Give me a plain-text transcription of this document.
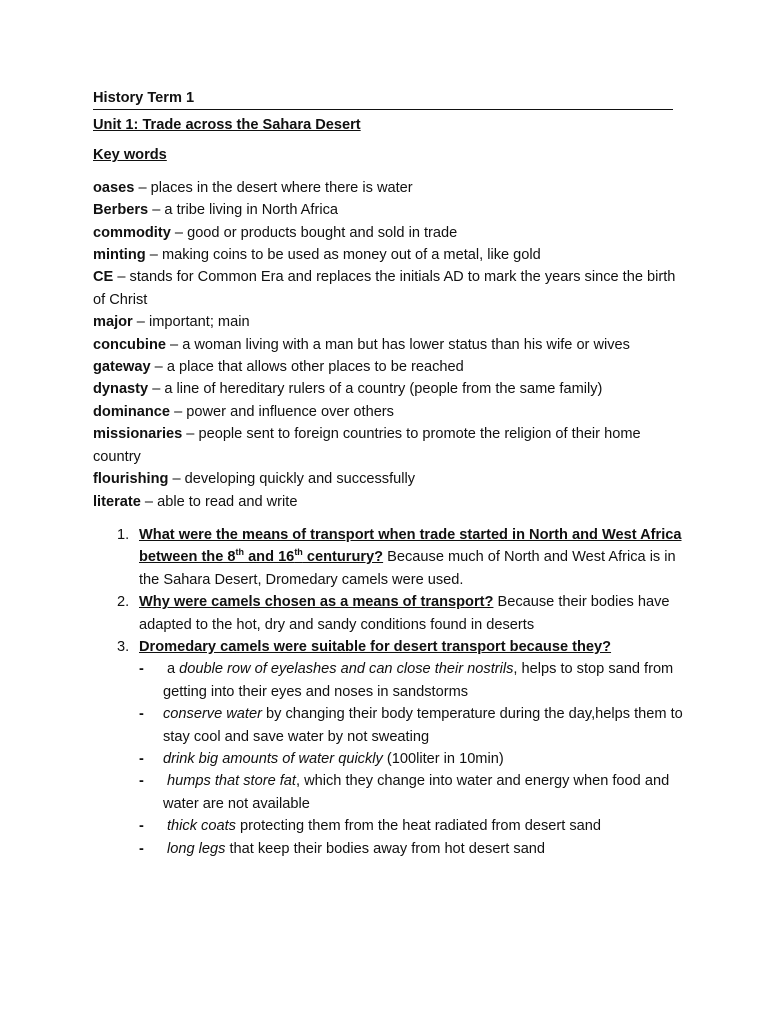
History Term 1
Unit 1: Trade across the Sahara Desert
Key words

oases – places in the desert where there is water

Berbers – a tribe living in North Africa

commodity – good or products bought and sold in trade

minting – making coins to be used as money out of a metal, like gold

CE – stands for Common Era and replaces the initials AD to mark the years since the birth of Christ

major – important; main

concubine – a woman living with a man but has lower status than his wife or wives

gateway – a place that allows other places to be reached

dynasty – a line of hereditary rulers of a country (people from the same family)

dominance – power and influence over others

missionaries – people sent to foreign countries to promote the religion of their home country

flourishing – developing quickly and successfully

literate – able to read and write

1. What were the means of transport when trade started in North and West Africa between the 8th and 16th centurury? Because much of North and West Africa is in the Sahara Desert, Dromedary camels were used.
2. Why were camels chosen as a means of transport? Because their bodies have adapted to the hot, dry and sandy conditions found in deserts
3. Dromedary camels were suitable for desert transport because they?
- a double row of eyelashes and can close their nostrils, helps to stop sand from getting into their eyes and noses in sandstorms
- conserve water by changing their body temperature during the day,helps them to stay cool and save water by not sweating
- drink big amounts of water quickly (100liter in 10min)
- humps that store fat, which they change into water and energy when food and water are not available
- thick coats protecting them from the heat radiated from desert sand
- long legs that keep their bodies away from hot desert sand
